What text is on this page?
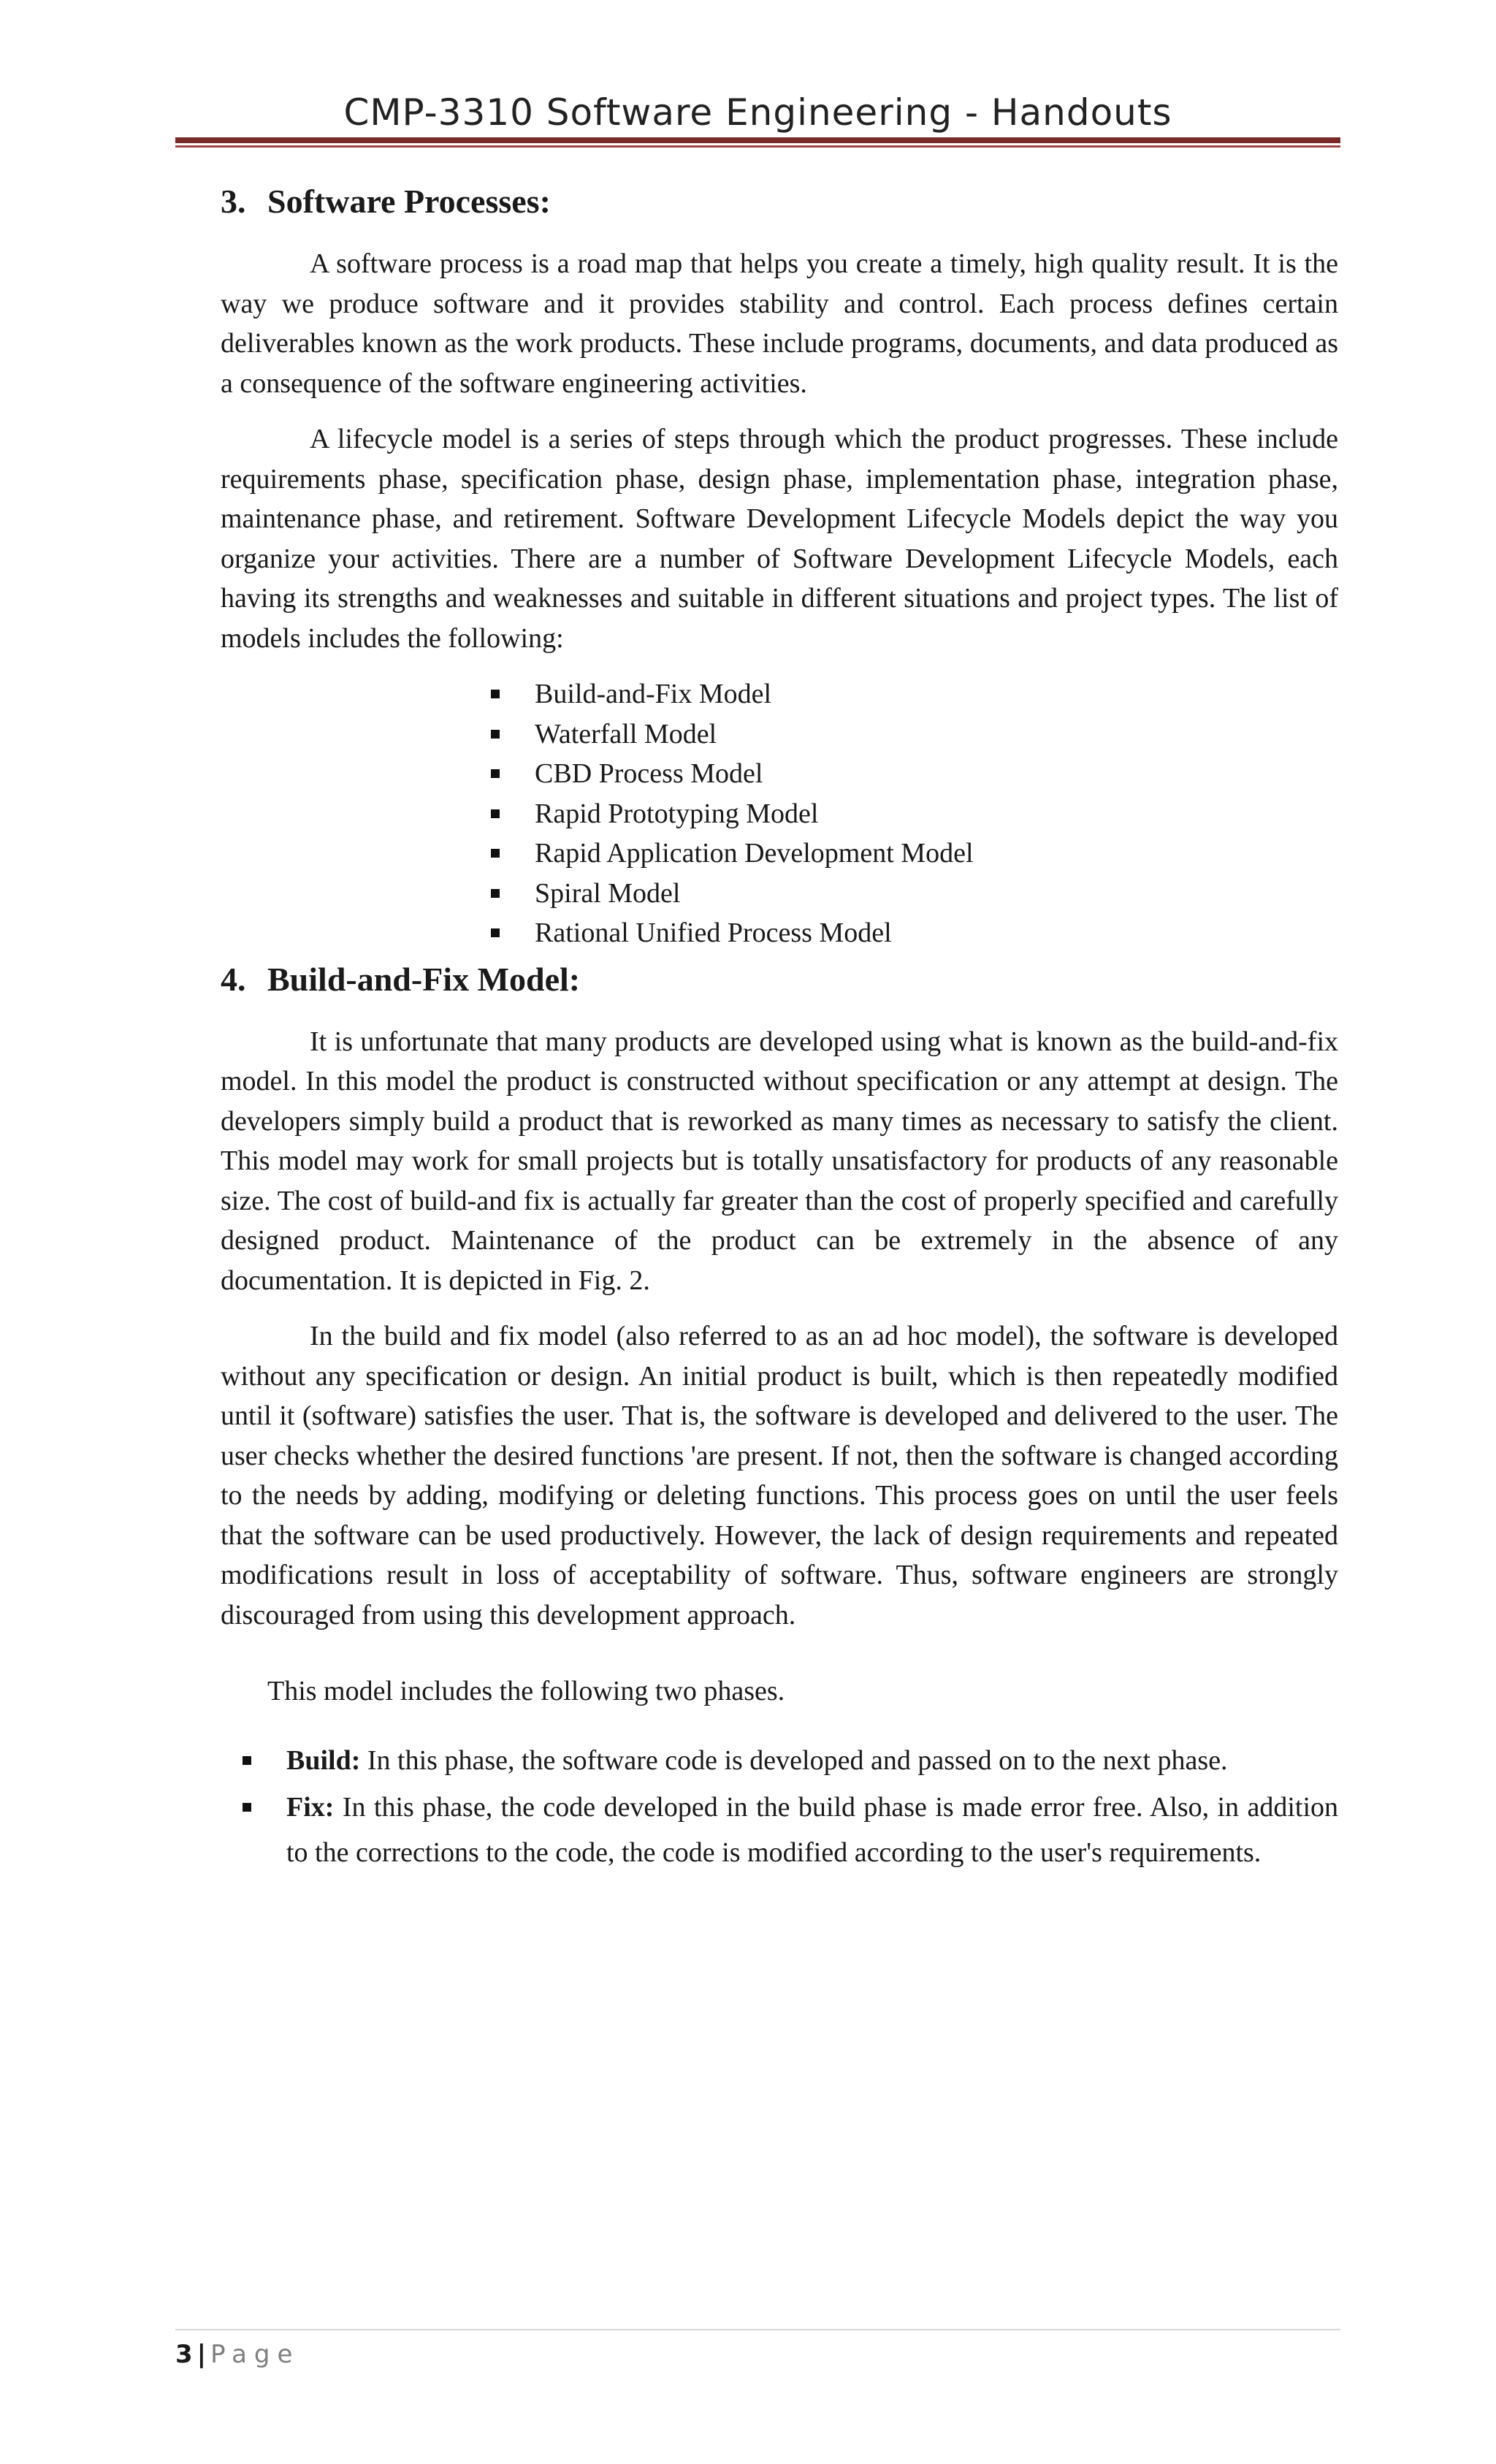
CMP-3310 Software Engineering - Handouts
3. Software Processes:

A software process is a road map that helps you create a timely, high quality result. It is the way we produce software and it provides stability and control. Each process defines certain deliverables known as the work products. These include programs, documents, and data produced as a consequence of the software engineering activities.

A lifecycle model is a series of steps through which the product progresses. These include requirements phase, specification phase, design phase, implementation phase, integration phase, maintenance phase, and retirement. Software Development Lifecycle Models depict the way you organize your activities. There are a number of Software Development Lifecycle Models, each having its strengths and weaknesses and suitable in different situations and project types. The list of models includes the following:

Build-and-Fix Model
Waterfall Model
CBD Process Model
Rapid Prototyping Model
Rapid Application Development Model
Spiral Model
Rational Unified Process Model
4. Build-and-Fix Model:

It is unfortunate that many products are developed using what is known as the build-and-fix model. In this model the product is constructed without specification or any attempt at design. The developers simply build a product that is reworked as many times as necessary to satisfy the client. This model may work for small projects but is totally unsatisfactory for products of any reasonable size. The cost of build-and fix is actually far greater than the cost of properly specified and carefully designed product. Maintenance of the product can be extremely in the absence of any documentation. It is depicted in Fig. 2.

In the build and fix model (also referred to as an ad hoc model), the software is developed without any specification or design. An initial product is built, which is then repeatedly modified until it (software) satisfies the user. That is, the software is developed and delivered to the user. The user checks whether the desired functions 'are present. If not, then the software is changed according to the needs by adding, modifying or deleting functions. This process goes on until the user feels that the software can be used productively. However, the lack of design requirements and repeated modifications result in loss of acceptability of software. Thus, software engineers are strongly discouraged from using this development approach.

This model includes the following two phases.

Build: In this phase, the software code is developed and passed on to the next phase.
Fix: In this phase, the code developed in the build phase is made error free. Also, in addition to the corrections to the code, the code is modified according to the user's requirements.
3 | Page
